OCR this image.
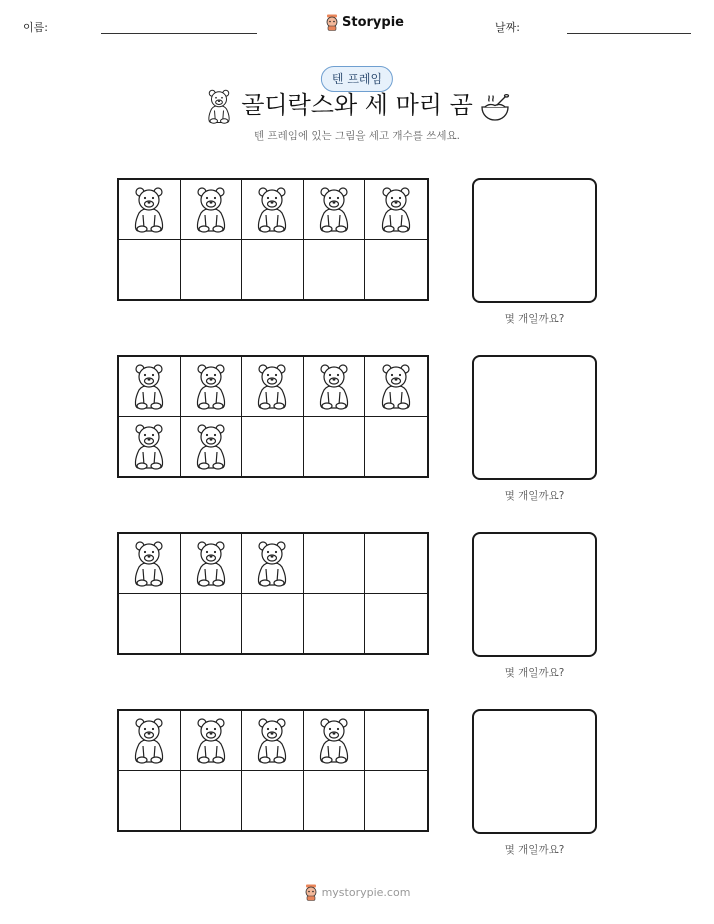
이름:	Storypie	날짜:
텐 프레임
골디락스와 세 마리 곰
텐 프레임에 있는 그림을 세고 개수를 쓰세요.
몇 개일까요?
몇 개일까요?
몇 개일까요?
몇 개일까요?
mystorypie.com
